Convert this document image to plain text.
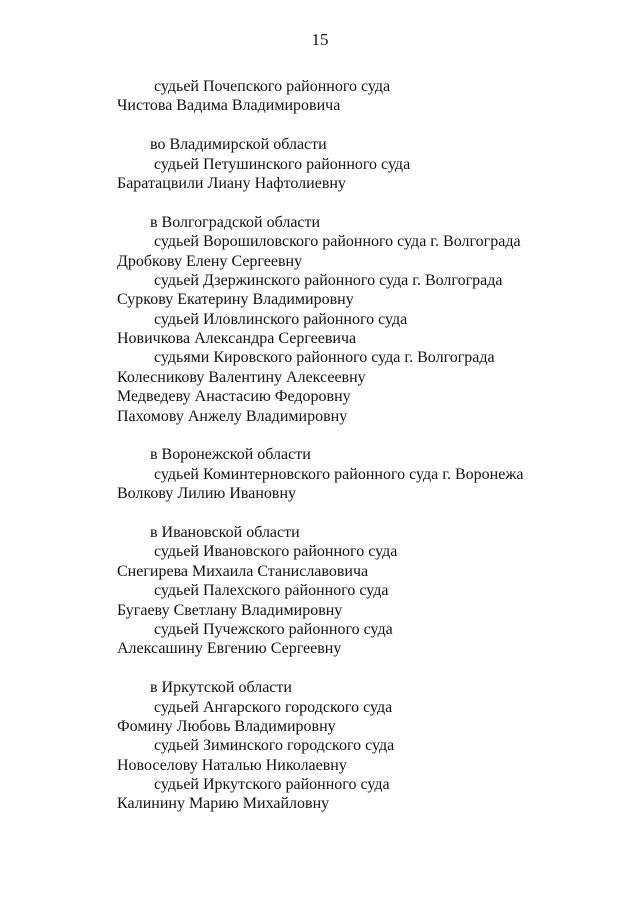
15
судьей Почепского районного суда
Чистова Вадима Владимировича
во Владимирской области
судьей Петушинского районного суда
Баратацвили Лиану Нафтолиевну
в Волгоградской области
судьей Ворошиловского районного суда г. Волгограда
Дробкову Елену Сергеевну
судьей Дзержинского районного суда г. Волгограда
Суркову Екатерину Владимировну
судьей Иловлинского районного суда
Новичкова Александра Сергеевича
судьями Кировского районного суда г. Волгограда
Колесникову Валентину Алексеевну
Медведеву Анастасию Федоровну
Пахомову Анжелу Владимировну
в Воронежской области
судьей Коминтерновского районного суда г. Воронежа
Волкову Лилию Ивановну
в Ивановской области
судьей Ивановского районного суда
Снегирева Михаила Станиславовича
судьей Палехского районного суда
Бугаеву Светлану Владимировну
судьей Пучежского районного суда
Алексашину Евгению Сергеевну
в Иркутской области
судьей Ангарского городского суда
Фомину Любовь Владимировну
судьей Зиминского городского суда
Новоселову Наталью Николаевну
судьей Иркутского районного суда
Калинину Марию Михайловну
